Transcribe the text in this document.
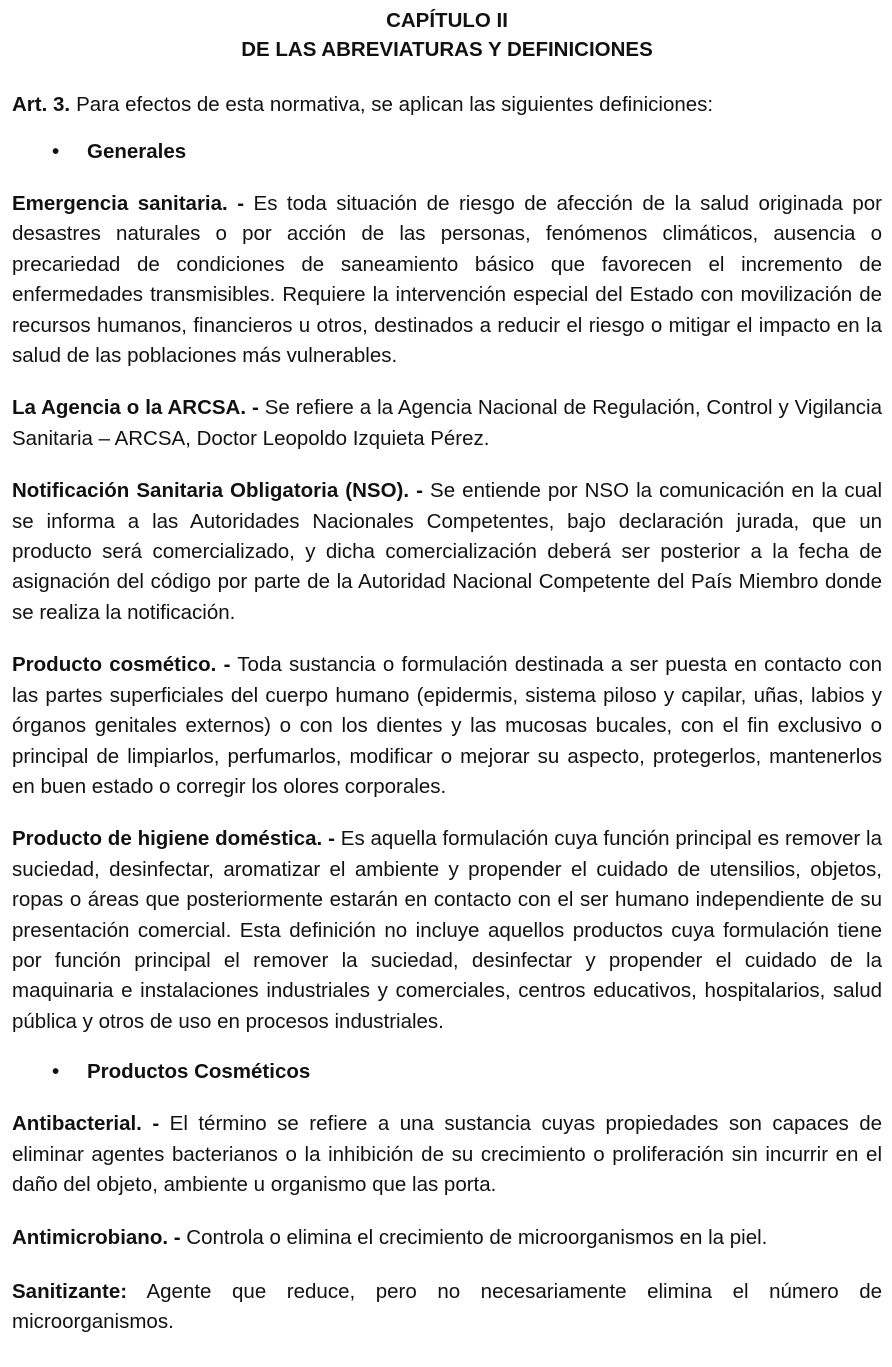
CAPÍTULO II
DE LAS ABREVIATURAS Y DEFINICIONES

Art. 3. Para efectos de esta normativa, se aplican las siguientes definiciones:

• Generales

Emergencia sanitaria. - Es toda situación de riesgo de afección de la salud originada por desastres naturales o por acción de las personas, fenómenos climáticos, ausencia o precariedad de condiciones de saneamiento básico que favorecen el incremento de enfermedades transmisibles. Requiere la intervención especial del Estado con movilización de recursos humanos, financieros u otros, destinados a reducir el riesgo o mitigar el impacto en la salud de las poblaciones más vulnerables.

La Agencia o la ARCSA. - Se refiere a la Agencia Nacional de Regulación, Control y Vigilancia Sanitaria – ARCSA, Doctor Leopoldo Izquieta Pérez.

Notificación Sanitaria Obligatoria (NSO). - Se entiende por NSO la comunicación en la cual se informa a las Autoridades Nacionales Competentes, bajo declaración jurada, que un producto será comercializado, y dicha comercialización deberá ser posterior a la fecha de asignación del código por parte de la Autoridad Nacional Competente del País Miembro donde se realiza la notificación.

Producto cosmético. - Toda sustancia o formulación destinada a ser puesta en contacto con las partes superficiales del cuerpo humano (epidermis, sistema piloso y capilar, uñas, labios y órganos genitales externos) o con los dientes y las mucosas bucales, con el fin exclusivo o principal de limpiarlos, perfumarlos, modificar o mejorar su aspecto, protegerlos, mantenerlos en buen estado o corregir los olores corporales.

Producto de higiene doméstica. - Es aquella formulación cuya función principal es remover la suciedad, desinfectar, aromatizar el ambiente y propender el cuidado de utensilios, objetos, ropas o áreas que posteriormente estarán en contacto con el ser humano independiente de su presentación comercial. Esta definición no incluye aquellos productos cuya formulación tiene por función principal el remover la suciedad, desinfectar y propender el cuidado de la maquinaria e instalaciones industriales y comerciales, centros educativos, hospitalarios, salud pública y otros de uso en procesos industriales.

• Productos Cosméticos

Antibacterial. - El término se refiere a una sustancia cuyas propiedades son capaces de eliminar agentes bacterianos o la inhibición de su crecimiento o proliferación sin incurrir en el daño del objeto, ambiente u organismo que las porta.

Antimicrobiano. - Controla o elimina el crecimiento de microorganismos en la piel.

Sanitizante: Agente que reduce, pero no necesariamente elimina el número de microorganismos.
